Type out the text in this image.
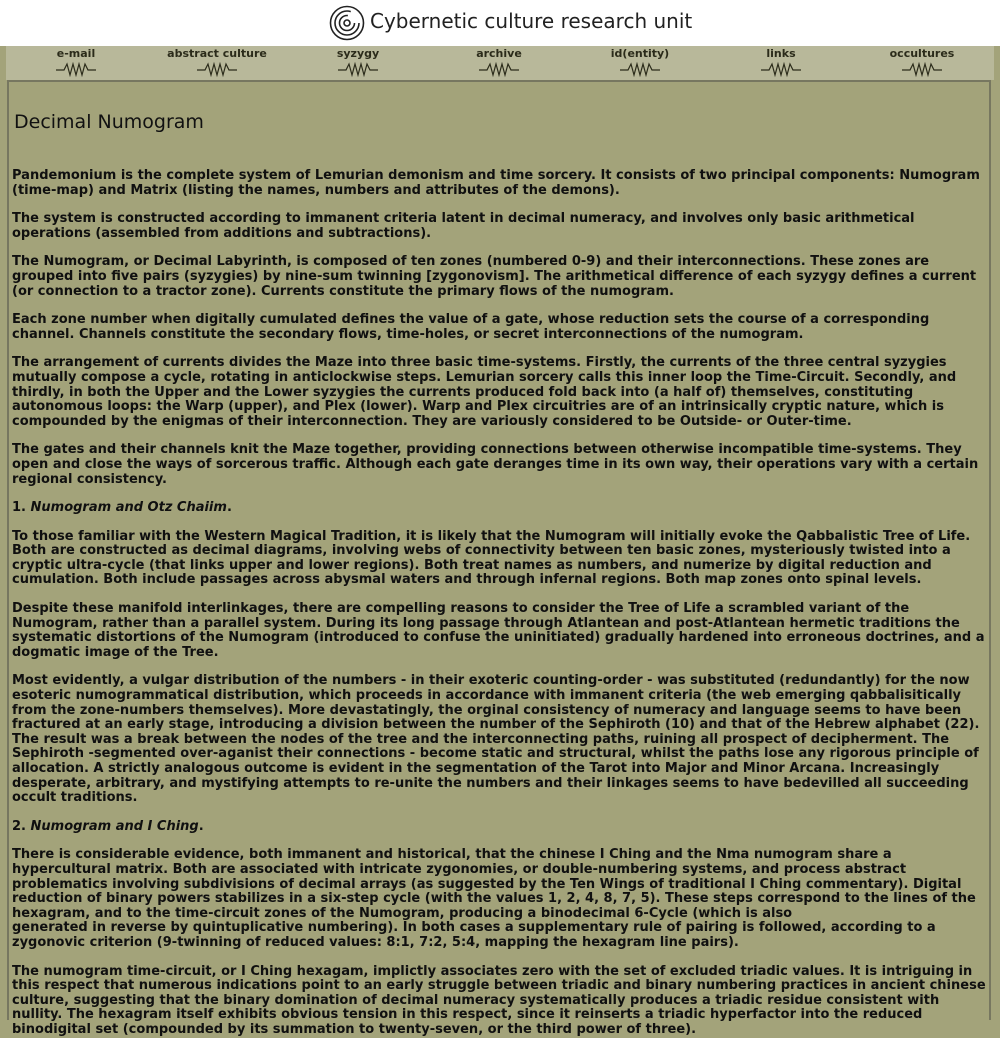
Cybernetic culture research unit
e-mail	abstract culture	syzygy	archive	id(entity)	links	occultures
Decimal Numogram

Pandemonium is the complete system of Lemurian demonism and time sorcery. It consists of two principal components: Numogram (time-map) and Matrix (listing the names, numbers and attributes of the demons).

The system is constructed according to immanent criteria latent in decimal numeracy, and involves only basic arithmetical operations (assembled from additions and subtractions).

The Numogram, or Decimal Labyrinth, is composed of ten zones (numbered 0-9) and their interconnections. These zones are grouped into five pairs (syzygies) by nine-sum twinning [zygonovism]. The arithmetical difference of each syzygy defines a current (or connection to a tractor zone). Currents constitute the primary flows of the numogram.

Each zone number when digitally cumulated defines the value of a gate, whose reduction sets the course of a corresponding channel. Channels constitute the secondary flows, time-holes, or secret interconnections of the numogram.

The arrangement of currents divides the Maze into three basic time-systems. Firstly, the currents of the three central syzygies mutually compose a cycle, rotating in anticlockwise steps. Lemurian sorcery calls this inner loop the Time-Circuit. Secondly, and thirdly, in both the Upper and the Lower syzygies the currents produced fold back into (a half of) themselves, constituting autonomous loops: the Warp (upper), and Plex (lower). Warp and Plex circuitries are of an intrinsically cryptic nature, which is compounded by the enigmas of their interconnection. They are variously considered to be Outside- or Outer-time.

The gates and their channels knit the Maze together, providing connections between otherwise incompatible time-systems. They open and close the ways of sorcerous traffic. Although each gate deranges time in its own way, their operations vary with a certain regional consistency.

1. Numogram and Otz Chaiim.

To those familiar with the Western Magical Tradition, it is likely that the Numogram will initially evoke the Qabbalistic Tree of Life. Both are constructed as decimal diagrams, involving webs of connectivity between ten basic zones, mysteriously twisted into a cryptic ultra-cycle (that links upper and lower regions). Both treat names as numbers, and numerize by digital reduction and cumulation. Both include passages across abysmal waters and through infernal regions. Both map zones onto spinal levels.

Despite these manifold interlinkages, there are compelling reasons to consider the Tree of Life a scrambled variant of the Numogram, rather than a parallel system. During its long passage through Atlantean and post-Atlantean hermetic traditions the systematic distortions of the Numogram (introduced to confuse the uninitiated) gradually hardened into erroneous doctrines, and a dogmatic image of the Tree.

Most evidently, a vulgar distribution of the numbers - in their exoteric counting-order - was substituted (redundantly) for the now esoteric numogrammatical distribution, which proceeds in accordance with immanent criteria (the web emerging qabbalisitically from the zone-numbers themselves). More devastatingly, the orginal consistency of numeracy and language seems to have been fractured at an early stage, introducing a division between the number of the Sephiroth (10) and that of the Hebrew alphabet (22). The result was a break between the nodes of the tree and the interconnecting paths, ruining all prospect of decipherment. The Sephiroth -segmented over-aganist their connections - become static and structural, whilst the paths lose any rigorous principle of allocation. A strictly analogous outcome is evident in the segmentation of the Tarot into Major and Minor Arcana. Increasingly desperate, arbitrary, and mystifying attempts to re-unite the numbers and their linkages seems to have bedevilled all succeeding occult traditions.

2. Numogram and I Ching.

There is considerable evidence, both immanent and historical, that the chinese I Ching and the Nma numogram share a hypercultural matrix. Both are associated with intricate zygonomies, or double-numbering systems, and process abstract problematics involving subdivisions of decimal arrays (as suggested by the Ten Wings of traditional I Ching commentary). Digital reduction of binary powers stabilizes in a six-step cycle (with the values 1, 2, 4, 8, 7, 5). These steps correspond to the lines of the hexagram, and to the time-circuit zones of the Numogram, producing a binodecimal 6-Cycle (which is also
generated in reverse by quintuplicative numbering). In both cases a supplementary rule of pairing is followed, according to a zygonovic criterion (9-twinning of reduced values: 8:1, 7:2, 5:4, mapping the hexagram line pairs).

The numogram time-circuit, or I Ching hexagam, implictly associates zero with the set of excluded triadic values. It is intriguing in this respect that numerous indications point to an early struggle between triadic and binary numbering practices in ancient chinese culture, suggesting that the binary domination of decimal numeracy systematically produces a triadic residue consistent with nullity. The hexagram itself exhibits obvious tension in this respect, since it reinserts a triadic hyperfactor into the reduced binodigital set (compounded by its summation to twenty-seven, or the third power of three).
